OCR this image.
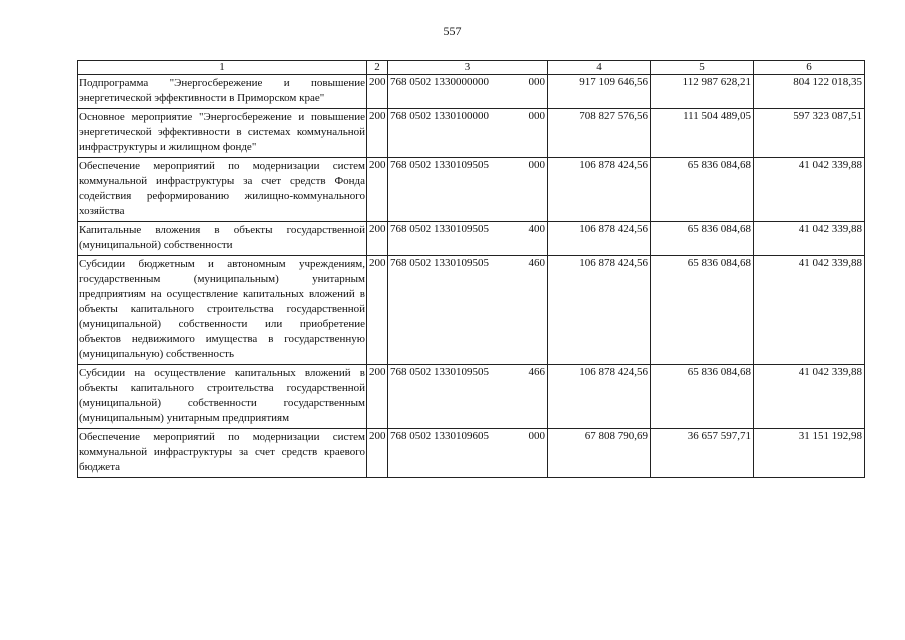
557
1	2	3	4	5	6
Подпрограмма "Энергосбережение и повышение энергетической эффективности в Приморском крае"	200	768 0502 1330000000 000	917 109 646,56	112 987 628,21	804 122 018,35
Основное мероприятие "Энергосбережение и повышение энергетической эффективности в системах коммунальной инфраструктуры и жилищном фонде"	200	768 0502 1330100000 000	708 827 576,56	111 504 489,05	597 323 087,51
Обеспечение мероприятий по модернизации систем коммунальной инфраструктуры за счет средств Фонда содействия реформированию жилищно-коммунального хозяйства	200	768 0502 1330109505 000	106 878 424,56	65 836 084,68	41 042 339,88
Капитальные вложения в объекты государственной (муниципальной) собственности	200	768 0502 1330109505 400	106 878 424,56	65 836 084,68	41 042 339,88
Субсидии бюджетным и автономным учреждениям, государственным (муниципальным) унитарным предприятиям на осуществление капитальных вложений в объекты капитального строительства государственной (муниципальной) собственности или приобретение объектов недвижимого имущества в государственную (муниципальную) собственность	200	768 0502 1330109505 460	106 878 424,56	65 836 084,68	41 042 339,88
Субсидии на осуществление капитальных вложений в объекты капитального строительства государственной (муниципальной) собственности государственным (муниципальным) унитарным предприятиям	200	768 0502 1330109505 466	106 878 424,56	65 836 084,68	41 042 339,88
Обеспечение мероприятий по модернизации систем коммунальной инфраструктуры за счет средств краевого бюджета	200	768 0502 1330109605 000	67 808 790,69	36 657 597,71	31 151 192,98
